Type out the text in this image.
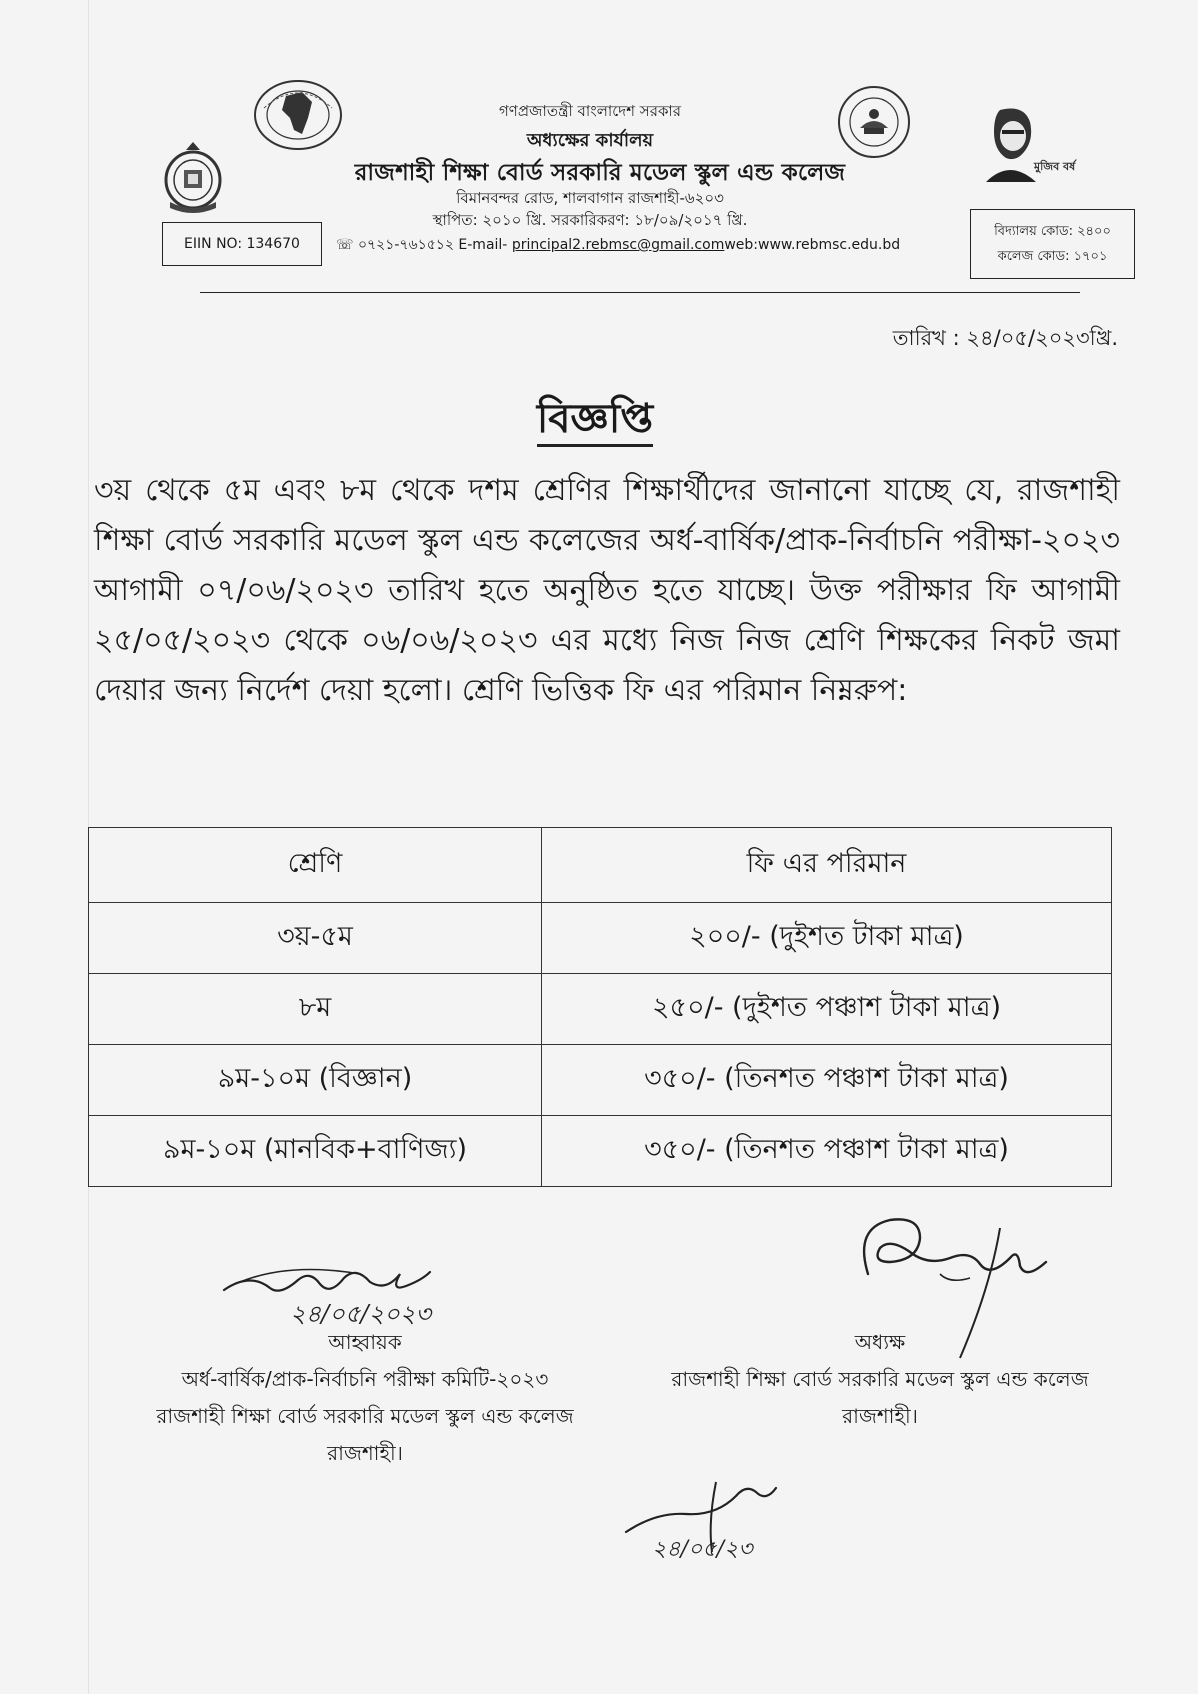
মুজিব বর্ষ
গণপ্রজাতন্ত্রী বাংলাদেশ সরকার
অধ্যক্ষের কার্যালয়
রাজশাহী শিক্ষা বোর্ড সরকারি মডেল স্কুল এন্ড কলেজ
বিমানবন্দর রোড, শালবাগান রাজশাহী-৬২০৩
স্থাপিত: ২০১০ খ্রি. সরকারিকরণ: ১৮/০৯/২০১৭ খ্রি.
☏ ০৭২১-৭৬১৫১২ E-mail- principal2.rebmsc@gmail.comweb:www.rebmsc.edu.bd
EIIN NO: 134670
বিদ্যালয় কোড: ২৪০০
কলেজ কোড: ১৭০১
তারিখ : ২৪/০৫/২০২৩খ্রি.
বিজ্ঞপ্তি

৩য় থেকে ৫ম এবং ৮ম থেকে দশম শ্রেণির শিক্ষার্থীদের জানানো যাচ্ছে যে, রাজশাহী শিক্ষা বোর্ড সরকারি মডেল স্কুল এন্ড কলেজের অর্ধ-বার্ষিক/প্রাক-নির্বাচনি পরীক্ষা-২০২৩ আগামী ০৭/০৬/২০২৩ তারিখ হতে অনুষ্ঠিত হতে যাচ্ছে। উক্ত পরীক্ষার ফি আগামী ২৫/০৫/২০২৩ থেকে ০৬/০৬/২০২৩ এর মধ্যে নিজ নিজ শ্রেণি শিক্ষকের নিকট জমা দেয়ার জন্য নির্দেশ দেয়া হলো। শ্রেণি ভিত্তিক ফি এর পরিমান নিম্নরুপ:

শ্রেণি	ফি এর পরিমান
৩য়-৫ম	২০০/- (দুইশত টাকা মাত্র)
৮ম	২৫০/- (দুইশত পঞ্চাশ টাকা মাত্র)
৯ম-১০ম (বিজ্ঞান)	৩৫০/- (তিনশত পঞ্চাশ টাকা মাত্র)
৯ম-১০ম (মানবিক+বাণিজ্য)	৩৫০/- (তিনশত পঞ্চাশ টাকা মাত্র)
২৪/০৫/২০২৩
২৪/০৫/২৩
আহ্বায়ক
অর্ধ-বার্ষিক/প্রাক-নির্বাচনি পরীক্ষা কমিটি-২০২৩
রাজশাহী শিক্ষা বোর্ড সরকারি মডেল স্কুল এন্ড কলেজ
রাজশাহী।
অধ্যক্ষ
রাজশাহী শিক্ষা বোর্ড সরকারি মডেল স্কুল এন্ড কলেজ
রাজশাহী।
